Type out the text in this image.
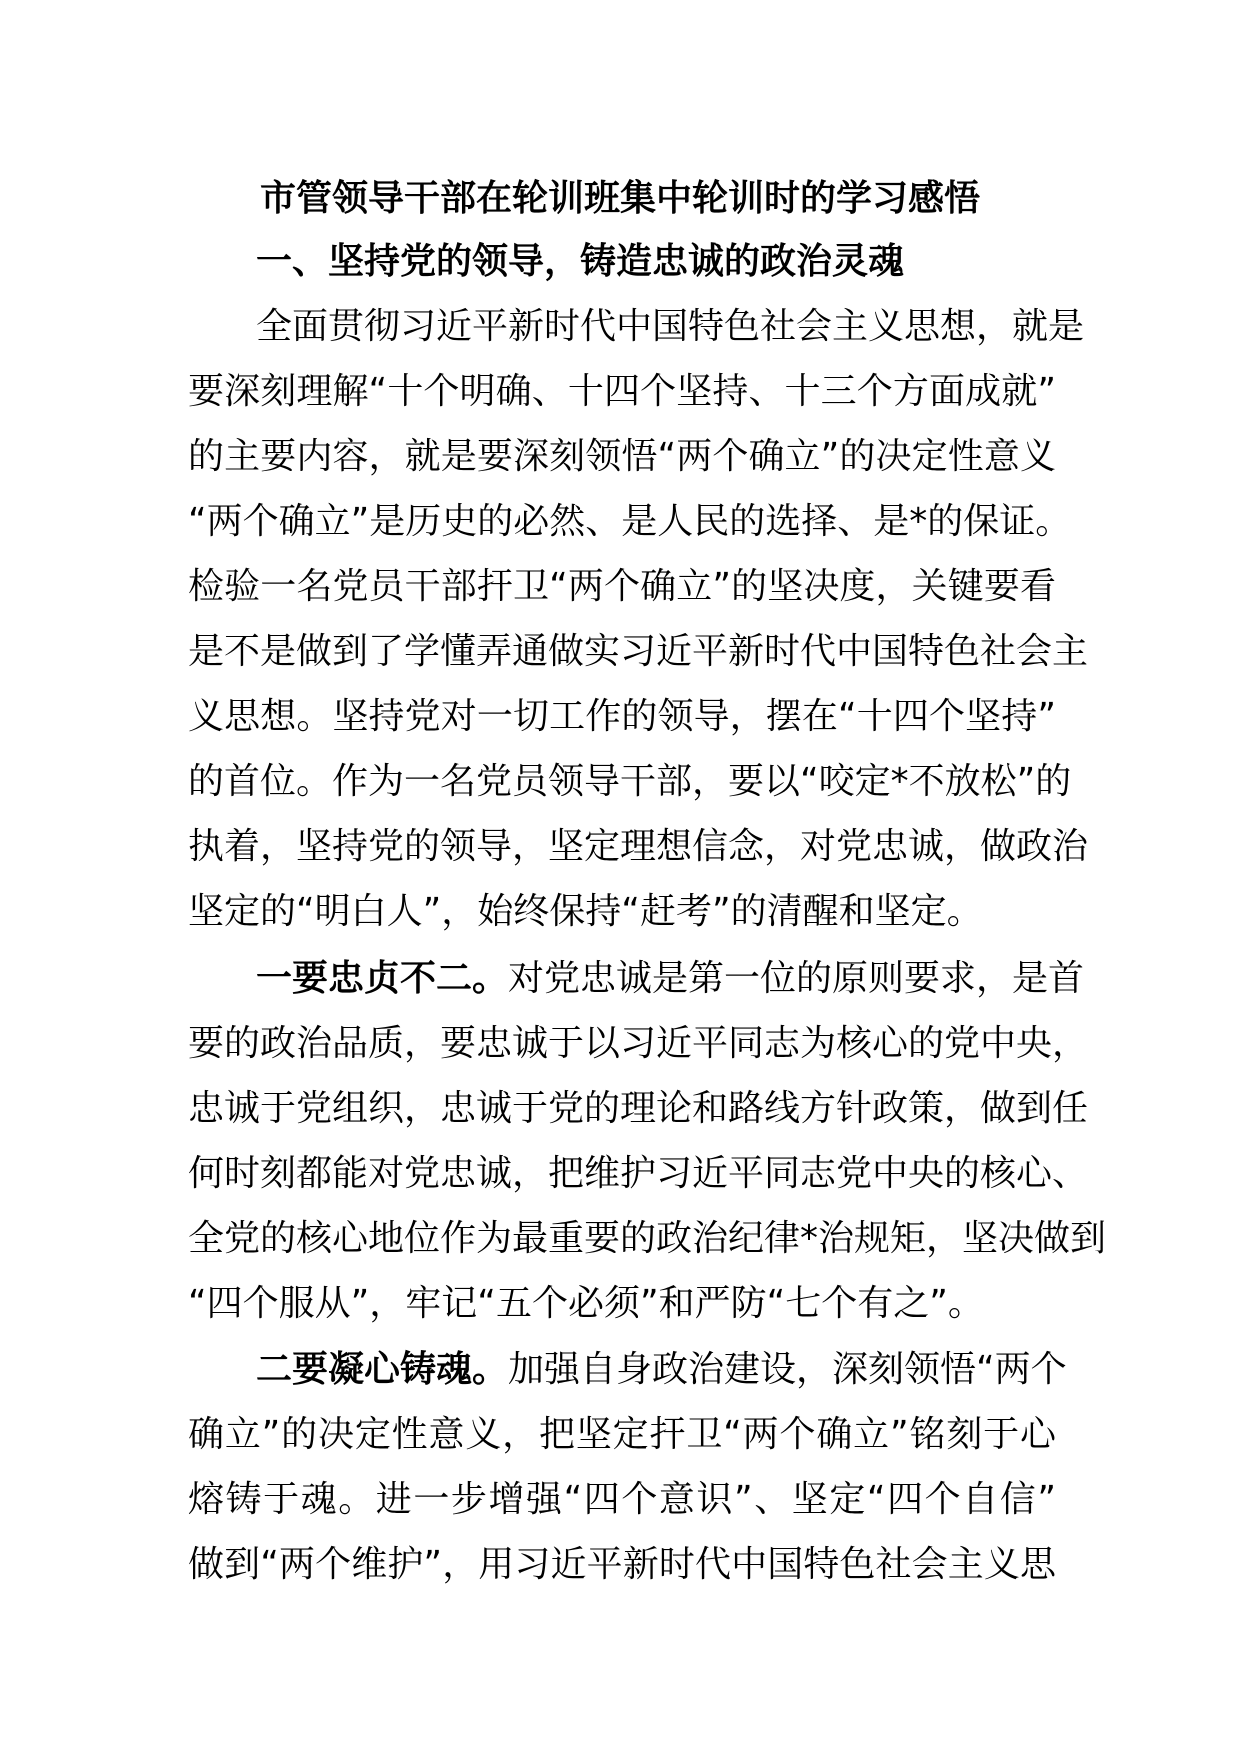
市管领导干部在轮训班集中轮训时的学习感悟
一、坚持党的领导，铸造忠诚的政治灵魂
全面贯彻习近平新时代中国特色社会主义思想，就是
要深刻理解“十个明确、十四个坚持、十三个方面成就”
的主要内容，就是要深刻领悟“两个确立”的决定性意义
“两个确立”是历史的必然、是人民的选择、是*的保证。
检验一名党员干部扞卫“两个确立”的坚决度，关键要看
是不是做到了学懂弄通做实习近平新时代中国特色社会主
义思想。坚持党对一切工作的领导，摆在“十四个坚持”
的首位。作为一名党员领导干部，要以“咬定*不放松”的
执着，坚持党的领导，坚定理想信念，对党忠诚，做政治
坚定的“明白人”，始终保持“赶考”的清醒和坚定。
一要忠贞不二。对党忠诚是第一位的原则要求，是首
要的政治品质，要忠诚于以习近平同志为核心的党中央，
忠诚于党组织，忠诚于党的理论和路线方针政策，做到任
何时刻都能对党忠诚，把维护习近平同志党中央的核心、
全党的核心地位作为最重要的政治纪律*治规矩，坚决做到
“四个服从”，牢记“五个必须”和严防“七个有之”。
二要凝心铸魂。加强自身政治建设，深刻领悟“两个
确立”的决定性意义，把坚定扞卫“两个确立”铭刻于心
熔铸于魂。进一步增强“四个意识”、坚定“四个自信”
做到“两个维护”，用习近平新时代中国特色社会主义思
